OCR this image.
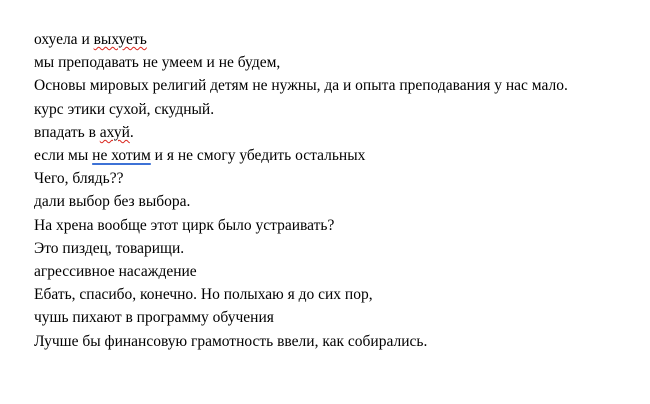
охуела и выхуеть
мы преподавать не умеем и не будем,
Основы мировых религий детям не нужны, да и опыта преподавания у нас мало.
курс этики сухой, скудный.
впадать в ахуй.
если мы не хотим и я не смогу убедить остальных
Чего, блядь??
дали выбор без выбора.
На хрена вообще этот цирк было устраивать?
Это пиздец, товарищи.
агрессивное насаждение
Ебать, спасибо, конечно. Но полыхаю я до сих пор,
чушь пихают в программу обучения
Лучше бы финансовую грамотность ввели, как собирались.
